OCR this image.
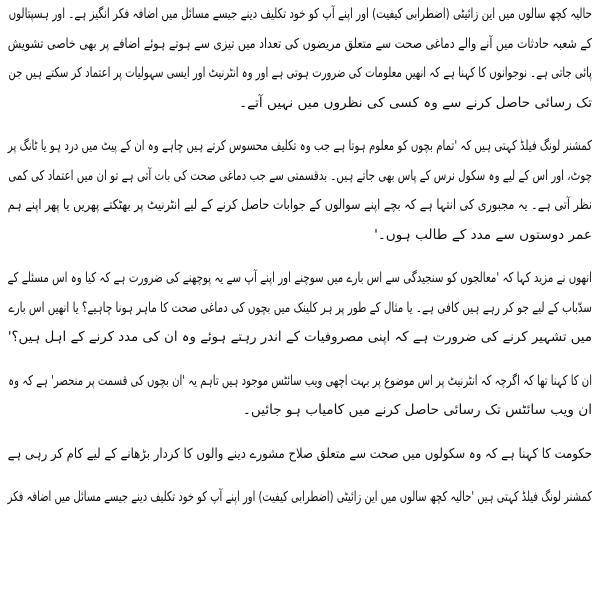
حالیہ کچھ سالوں میں این زائیٹی (اضطرابی کیفیت) اور اپنے آپ کو خود تکلیف دینے جیسے مسائل میں اضافہ فکر انگیز ہے۔ اور ہسپتالوں
کے شعبہ حادثات میں آنے والے دماغی صحت سے متعلق مریضوں کی تعداد میں تیزی سے ہوتے ہوئے اضافے پر بھی خاصی تشویش
پائی جاتی ہے۔ نوجوانوں کا کہنا ہے کہ انھیں معلومات کی ضرورت ہوتی ہے اور وہ انٹرنیٹ اور ایسی سہولیات پر اعتماد کر سکتے ہیں جن
تک رسائی حاصل کرنے سے وہ کسی کی نظروں میں نہیں آتے۔
کمشنر لونگ فیلڈ کہتی ہیں کہ 'تمام بچوں کو معلوم ہوتا ہے جب وہ تکلیف محسوس کرتے ہیں چاہے وہ ان کے پیٹ میں درد ہو یا ٹانگ پر
چوٹ، اور اس کے لیے وہ سکول نرس کے پاس بھی جاتے ہیں۔ بدقسمتی سے جب دماغی صحت کی بات آتی ہے تو ان میں اعتماد کی کمی
نظر آتی ہے۔ یہ مجبوری کی انتہا ہے کہ بچے اپنے سوالوں کے جوابات حاصل کرنے کے لیے انٹرنیٹ پر بھٹکتے پھریں یا پھر اپنے ہم
عمر دوستوں سے مدد کے طالب ہوں۔'
انھوں نے مزید کہا کہ 'معالجوں کو سنجیدگی سے اس بارے میں سوچنے اور اپنے آپ سے یہ پوچھنے کی ضرورت ہے کہ کیا وہ اس مسئلے کے
سدّباب کے لیے جو کر رہے ہیں کافی ہے۔ یا مثال کے طور پر ہر کلینک میں بچوں کی دماغی صحت کا ماہر ہونا چاہیے؟ یا انھیں اس بارے
میں تشہیر کرنے کی ضرورت ہے کہ اپنی مصروفیات کے اندر رہتے ہوئے وہ ان کی مدد کرنے کے اہل ہیں؟'
ان کا کہنا تھا کہ اگرچہ کہ انٹرنیٹ پر اس موضوع پر بہت اچھی ویب سائٹس موجود ہیں تاہم یہ 'ان بچوں کی قسمت پر منحصر' ہے کہ وہ
ان ویب سائٹس تک رسائی حاصل کرنے میں کامیاب ہو جائیں۔
حکومت کا کہنا ہے کہ وہ سکولوں میں صحت سے متعلق صلاح مشورے دینے والوں کا کردار بڑھانے کے لیے کام کر رہی ہے
کمشنر لونگ فیلڈ کہتی ہیں 'حالیہ کچھ سالوں میں این زائیٹی (اضطرابی کیفیت) اور اپنے آپ کو خود تکلیف دینے جیسے مسائل میں اضافہ فکر
